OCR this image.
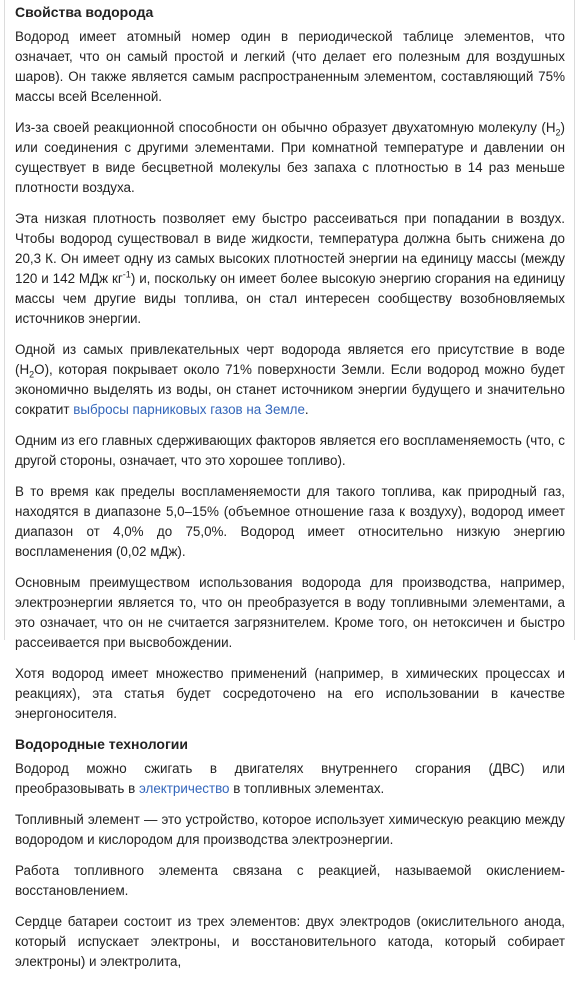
Свойства водорода

Водород имеет атомный номер один в периодической таблице элементов, что означает, что он самый простой и легкий (что делает его полезным для воздушных шаров). Он также является самым распространенным элементом, составляющий 75% массы всей Вселенной.

Из-за своей реакционной способности он обычно образует двухатомную молекулу $(H_2)$ или соединения с другими элементами. При комнатной температуре и давлении он существует в виде бесцветной молекулы без запаха с плотностью в 14 раз меньше плотности воздуха.

Эта низкая плотность позволяет ему быстро рассеиваться при попадании в воздух. Чтобы водород существовал в виде жидкости, температура должна быть снижена до 20,3 К. Он имеет одну из самых высоких плотностей энергии на единицу массы (между 120 и 142 МДж $кг^{-1}$) и, поскольку он имеет более высокую энергию сгорания на единицу массы чем другие виды топлива, он стал интересен сообществу возобновляемых источников энергии.

Одной из самых привлекательных черт водорода является его присутствие в воде $(H_2O)$, которая покрывает около 71% поверхности Земли. Если водород можно будет экономично выделять из воды, он станет источником энергии будущего и значительно сократит выбросы парниковых газов на Земле.

Одним из его главных сдерживающих факторов является его воспламеняемость (что, с другой стороны, означает, что это хорошее топливо).

В то время как пределы воспламеняемости для такого топлива, как природный газ, находятся в диапазоне 5,0–15% (объемное отношение газа к воздуху), водород имеет диапазон от 4,0% до 75,0%. Водород имеет относительно низкую энергию воспламенения (0,02 мДж).

Основным преимуществом использования водорода для производства, например, электроэнергии является то, что он преобразуется в воду топливными элементами, а это означает, что он не считается загрязнителем. Кроме того, он нетоксичен и быстро рассеивается при высвобождении.

Хотя водород имеет множество применений (например, в химических процессах и реакциях), эта статья будет сосредоточено на его использовании в качестве энергоносителя.

Водородные технологии

Водород можно сжигать в двигателях внутреннего сгорания (ДВС) или преобразовывать в электричество в топливных элементах.

Топливный элемент — это устройство, которое использует химическую реакцию между водородом и кислородом для производства электроэнергии.

Работа топливного элемента связана с реакцией, называемой окислением-восстановлением.

Сердце батареи состоит из трех элементов: двух электродов (окислительного анода, который испускает электроны, и восстановительного катода, который собирает электроны) и электролита,
